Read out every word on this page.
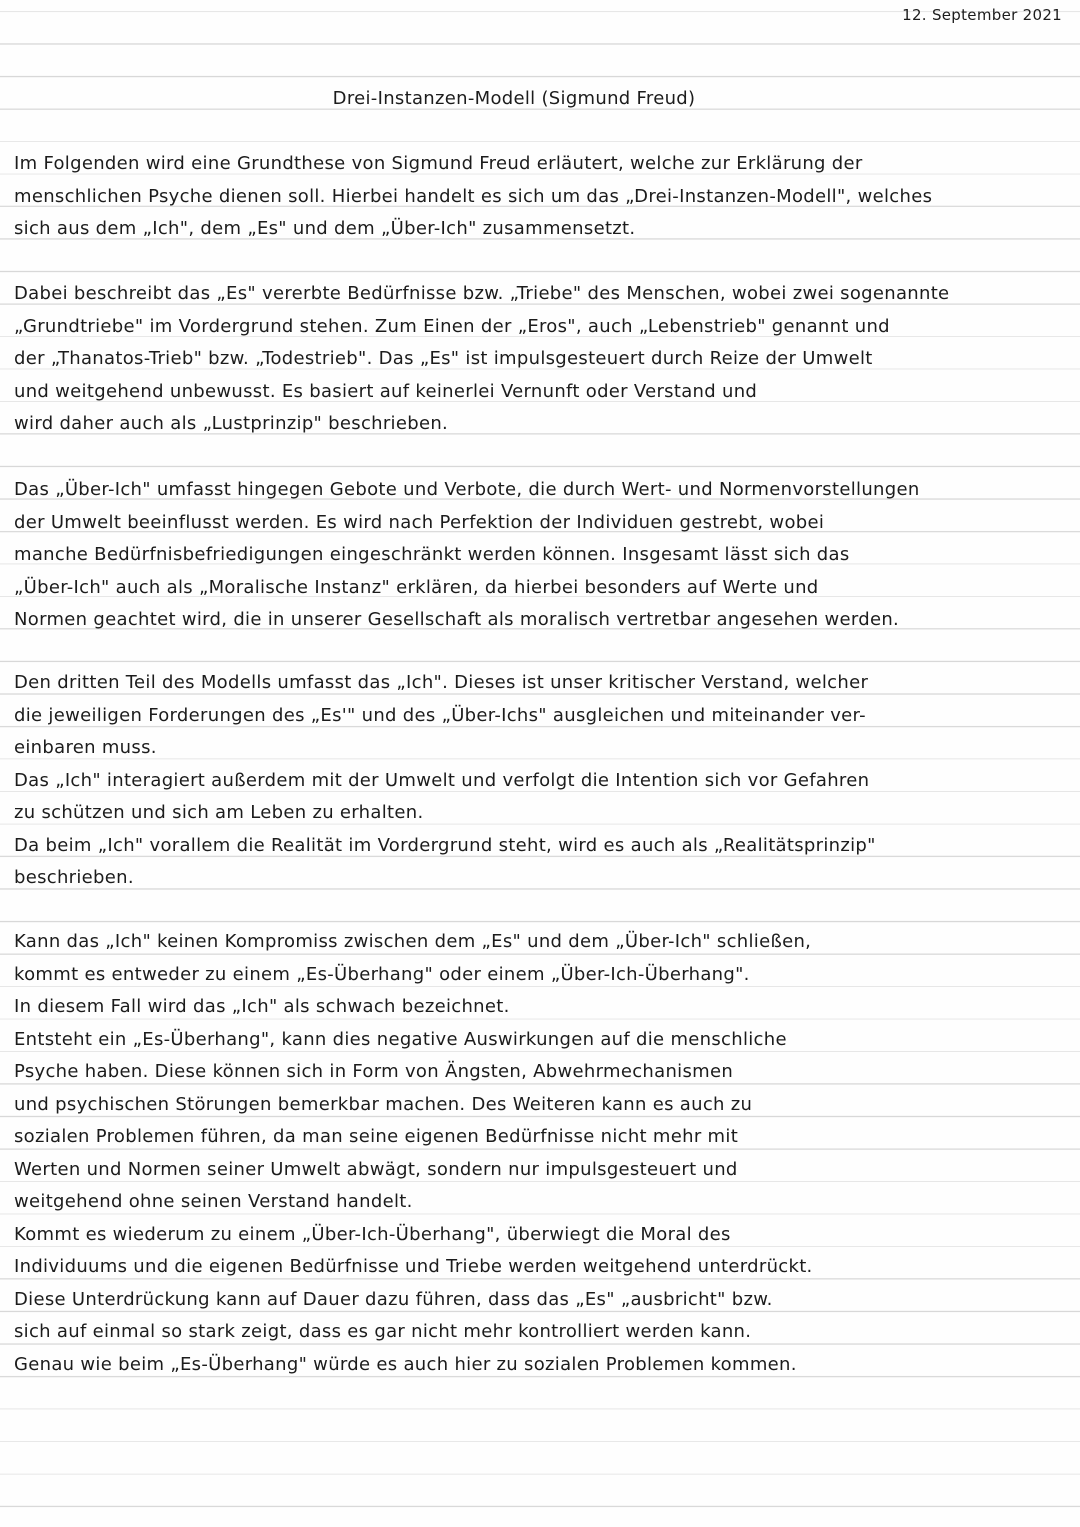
12. September 2021
Drei-Instanzen-Modell (Sigmund Freud)
Im Folgenden wird eine Grundthese von Sigmund Freud erläutert, welche zur Erklärung der
menschlichen Psyche dienen soll. Hierbei handelt es sich um das „Drei-Instanzen-Modell", welches
sich aus dem „Ich", dem „Es" und dem „Über-Ich" zusammensetzt.
Dabei beschreibt das „Es" vererbte Bedürfnisse bzw. „Triebe" des Menschen, wobei zwei sogenannte
„Grundtriebe" im Vordergrund stehen. Zum Einen der „Eros", auch „Lebenstrieb" genannt und
der „Thanatos-Trieb" bzw. „Todestrieb". Das „Es" ist impulsgesteuert durch Reize der Umwelt
und weitgehend unbewusst. Es basiert auf keinerlei Vernunft oder Verstand und
wird daher auch als „Lustprinzip" beschrieben.
Das „Über-Ich" umfasst hingegen Gebote und Verbote, die durch Wert- und Normenvorstellungen
der Umwelt beeinflusst werden. Es wird nach Perfektion der Individuen gestrebt, wobei
manche Bedürfnisbefriedigungen eingeschränkt werden können. Insgesamt lässt sich das
„Über-Ich" auch als „Moralische Instanz" erklären, da hierbei besonders auf Werte und
Normen geachtet wird, die in unserer Gesellschaft als moralisch vertretbar angesehen werden.
Den dritten Teil des Modells umfasst das „Ich". Dieses ist unser kritischer Verstand, welcher
die jeweiligen Forderungen des „Es'" und des „Über-Ichs" ausgleichen und miteinander ver-
einbaren muss.
Das „Ich" interagiert außerdem mit der Umwelt und verfolgt die Intention sich vor Gefahren
zu schützen und sich am Leben zu erhalten.
Da beim „Ich" vorallem die Realität im Vordergrund steht, wird es auch als „Realitätsprinzip"
beschrieben.
Kann das „Ich" keinen Kompromiss zwischen dem „Es" und dem „Über-Ich" schließen,
kommt es entweder zu einem „Es-Überhang" oder einem „Über-Ich-Überhang".
In diesem Fall wird das „Ich" als schwach bezeichnet.
Entsteht ein „Es-Überhang", kann dies negative Auswirkungen auf die menschliche
Psyche haben. Diese können sich in Form von Ängsten, Abwehrmechanismen
und psychischen Störungen bemerkbar machen. Des Weiteren kann es auch zu
sozialen Problemen führen, da man seine eigenen Bedürfnisse nicht mehr mit
Werten und Normen seiner Umwelt abwägt, sondern nur impulsgesteuert und
weitgehend ohne seinen Verstand handelt.
Kommt es wiederum zu einem „Über-Ich-Überhang", überwiegt die Moral des
Individuums und die eigenen Bedürfnisse und Triebe werden weitgehend unterdrückt.
Diese Unterdrückung kann auf Dauer dazu führen, dass das „Es" „ausbricht" bzw.
sich auf einmal so stark zeigt, dass es gar nicht mehr kontrolliert werden kann.
Genau wie beim „Es-Überhang" würde es auch hier zu sozialen Problemen kommen.
